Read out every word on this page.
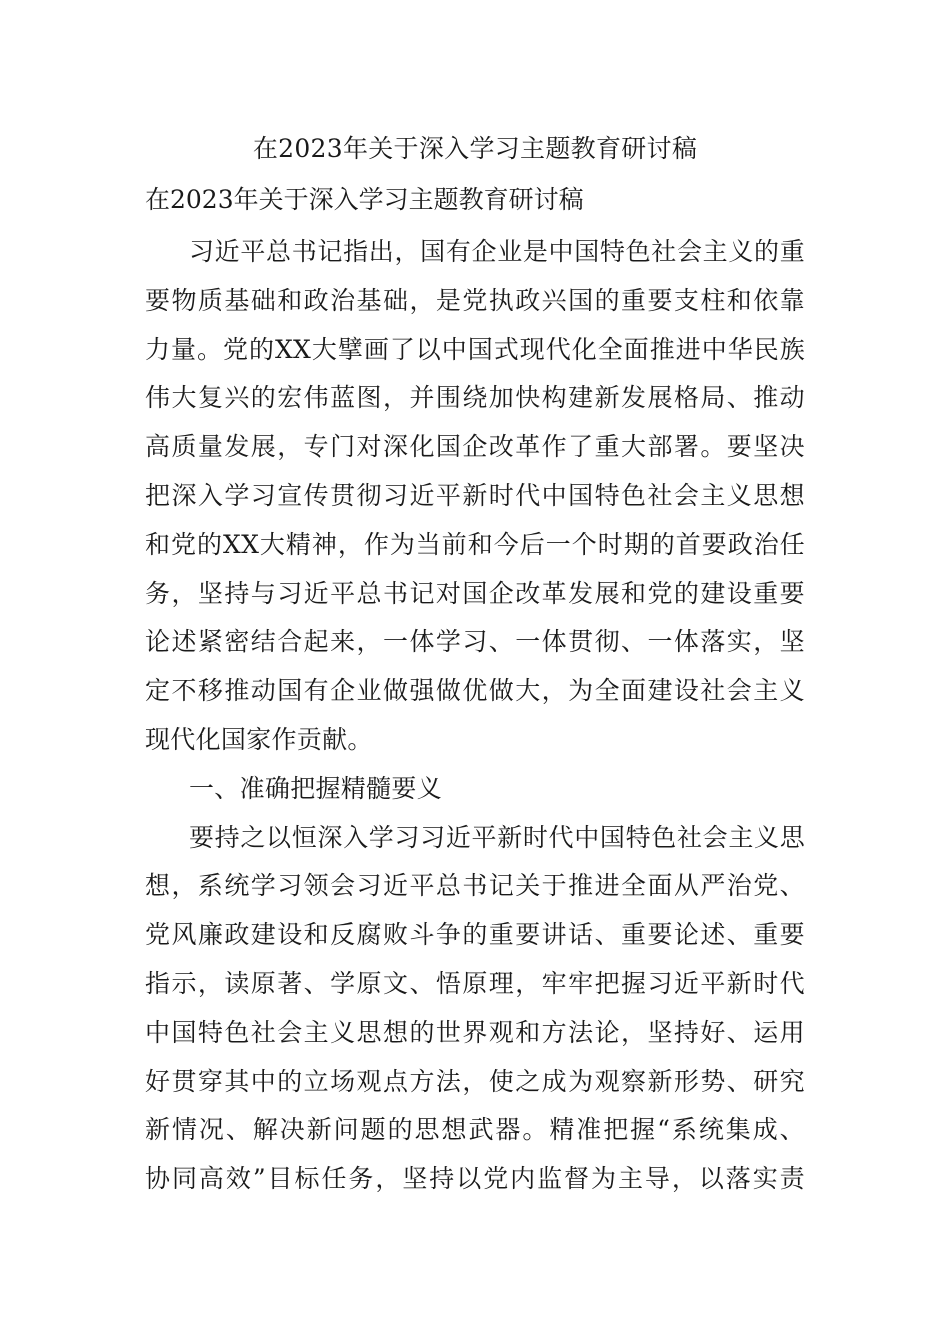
在2023年关于深入学习主题教育研讨稿

在2023年关于深入学习主题教育研讨稿

习近平总书记指出，国有企业是中国特色社会主义的重
要物质基础和政治基础，是党执政兴国的重要支柱和依靠
力量。党的XX大擘画了以中国式现代化全面推进中华民族
伟大复兴的宏伟蓝图，并围绕加快构建新发展格局、推动
高质量发展，专门对深化国企改革作了重大部署。要坚决
把深入学习宣传贯彻习近平新时代中国特色社会主义思想
和党的XX大精神，作为当前和今后一个时期的首要政治任
务，坚持与习近平总书记对国企改革发展和党的建设重要
论述紧密结合起来，一体学习、一体贯彻、一体落实，坚
定不移推动国有企业做强做优做大，为全面建设社会主义
现代化国家作贡献。
一、准确把握精髓要义
要持之以恒深入学习习近平新时代中国特色社会主义思
想，系统学习领会习近平总书记关于推进全面从严治党、
党风廉政建设和反腐败斗争的重要讲话、重要论述、重要
指示，读原著、学原文、悟原理，牢牢把握习近平新时代
中国特色社会主义思想的世界观和方法论，坚持好、运用
好贯穿其中的立场观点方法，使之成为观察新形势、研究
新情况、解决新问题的思想武器。精准把握“系统集成、
协同高效”目标任务，坚持以党内监督为主导，以落实责
